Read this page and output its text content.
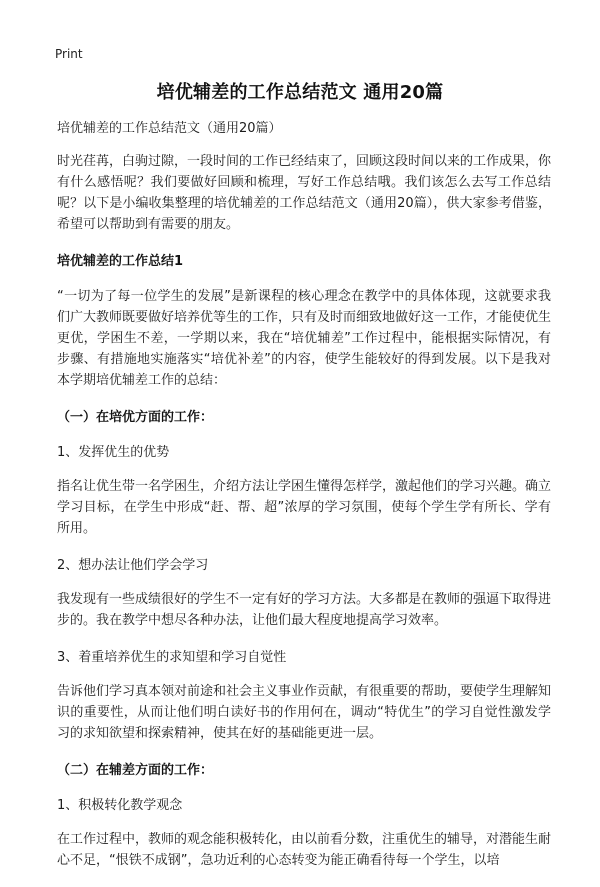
Print
培优辅差的工作总结范文 通用20篇

培优辅差的工作总结范文（通用20篇）

时光荏苒，白驹过隙，一段时间的工作已经结束了，回顾这段时间以来的工作成果，你有什么感悟呢？我们要做好回顾和梳理，写好工作总结哦。我们该怎么去写工作总结呢？以下是小编收集整理的培优辅差的工作总结范文（通用20篇），供大家参考借鉴，希望可以帮助到有需要的朋友。

培优辅差的工作总结1

“一切为了每一位学生的发展”是新课程的核心理念在教学中的具体体现，这就要求我们广大教师既要做好培养优等生的工作，只有及时而细致地做好这一工作，才能使优生更优，学困生不差，一学期以来，我在“培优辅差”工作过程中，能根据实际情况，有步骤、有措施地实施落实“培优补差”的内容，使学生能较好的得到发展。以下是我对本学期培优辅差工作的总结：

（一）在培优方面的工作：
1、发挥优生的优势

指名让优生带一名学困生，介绍方法让学困生懂得怎样学，激起他们的学习兴趣。确立学习目标，在学生中形成“赶、帮、超”浓厚的学习氛围，使每个学生学有所长、学有所用。

2、想办法让他们学会学习

我发现有一些成绩很好的学生不一定有好的学习方法。大多都是在教师的强逼下取得进步的。我在教学中想尽各种办法，让他们最大程度地提高学习效率。

3、着重培养优生的求知望和学习自觉性

告诉他们学习真本领对前途和社会主义事业作贡献，有很重要的帮助，要使学生理解知识的重要性，从而让他们明白读好书的作用何在，调动“特优生”的学习自觉性激发学习的求知欲望和探索精神，使其在好的基础能更进一层。

（二）在辅差方面的工作：
1、积极转化教学观念

在工作过程中，教师的观念能积极转化，由以前看分数，注重优生的辅导，对潜能生耐心不足，“恨铁不成钢”，急功近利的心态转变为能正确看待每一个学生，以培
